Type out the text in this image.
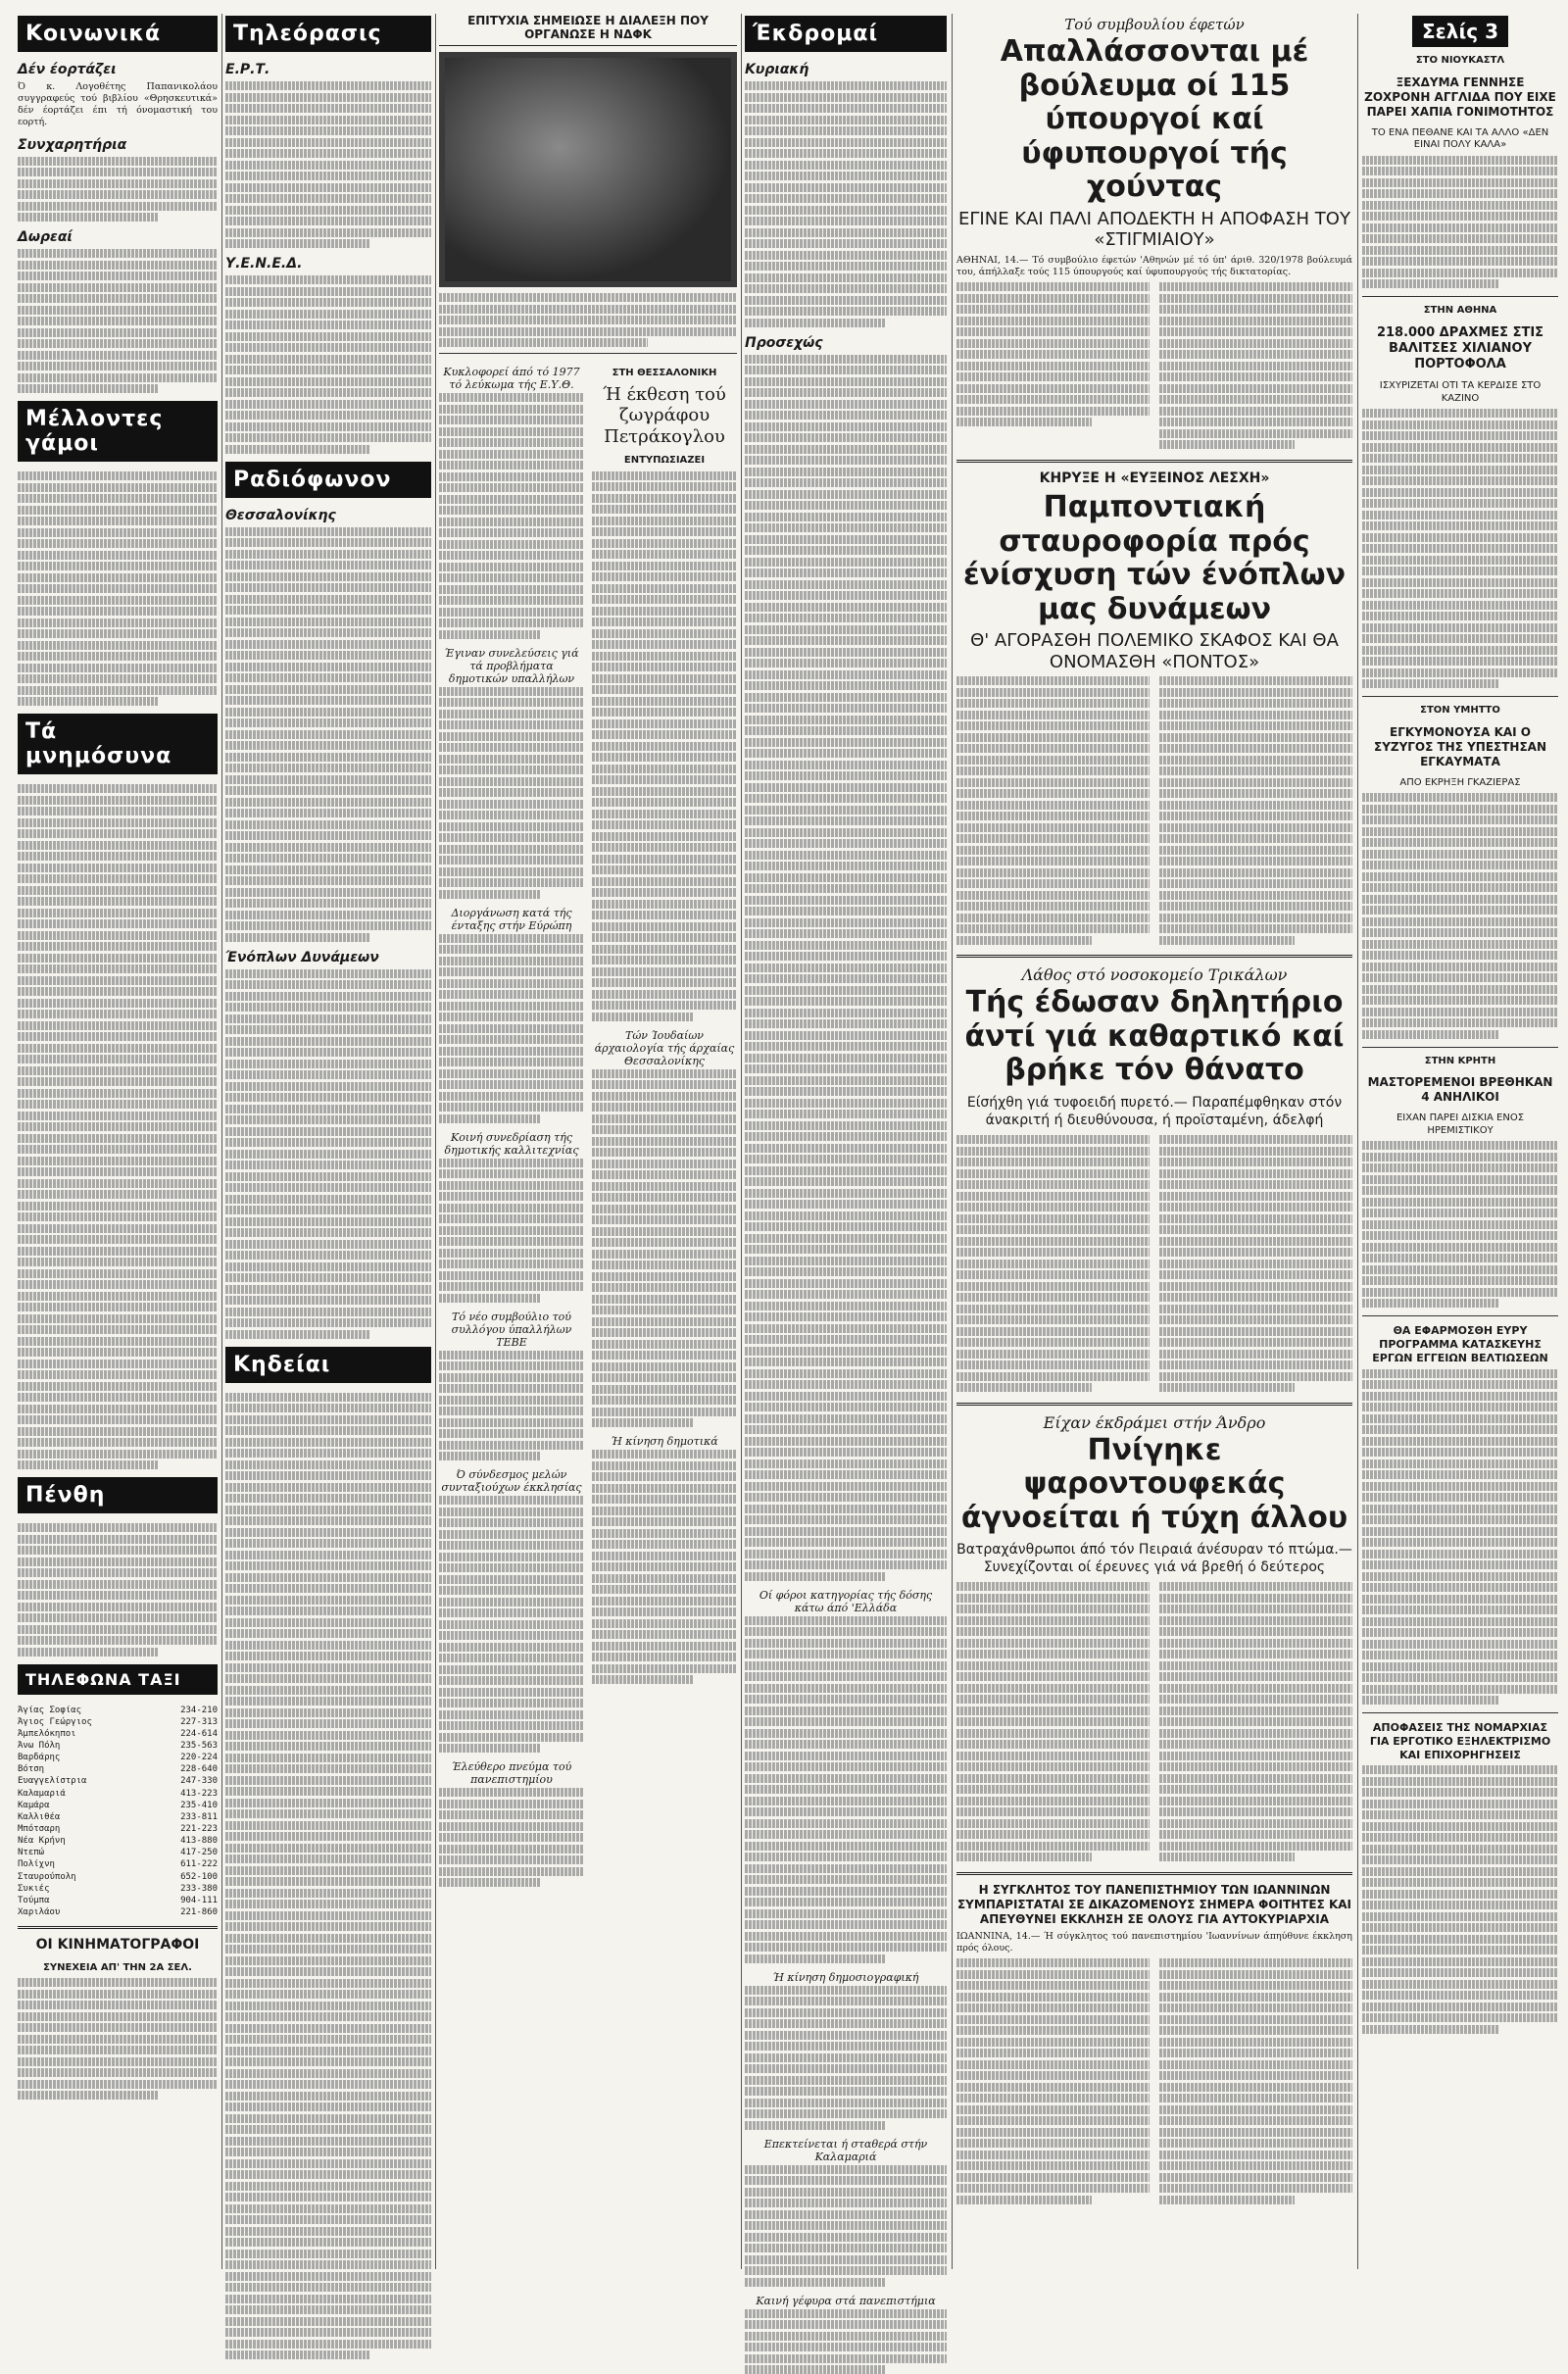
Κοινωνικά
Δέν έορτάζει
Ό κ. Λογοθέτης Παπανικολάου συγγραφεύς τού βιβλίου «Θρησκευτικά» δέν έορτάζει έπι τή όνομαστική του εορτή.
Συνχαρητήρια
Δωρεαί
Μέλλοντες γάμοι
Τά μνημόσυνα
Πένθη
ΤΗΛΕΦΩΝΑ ΤΑΞΙ
Άγίας Σοφίας	234-210
Άγιος Γεώργιος	227-313
Άμπελόκηποι	224-614
Άνω Πόλη	235-563
Βαρδάρης	220-224
Βότση	228-640
Ευαγγελίστρια	247-330
Καλαμαριά	413-223
Καμάρα	235-410
Καλλιθέα	233-811
Μπότσαρη	221-223
Νέα Κρήνη	413-880
Ντεπώ	417-250
Πολίχνη	611-222
Σταυρούπολη	652-100
Συκιές	233-380
Τούμπα	904-111
Χαριλάου	221-860
ΟΙ ΚΙΝΗΜΑΤΟΓΡΑΦΟΙ
ΣΥΝΕΧΕΙΑ ΑΠ' ΤΗΝ 2Α ΣΕΛ.
Τηλεόρασις
Ε.Ρ.Τ.
Υ.Ε.Ν.Ε.Δ.
Ραδιόφωνον
Θεσσαλονίκης
Ένόπλων Δυνάμεων
Κηδείαι
ΕΠΙΤΥΧΙΑ ΣΗΜΕΙΩΣΕ Η ΔΙΑΛΕΞΗ ΠΟΥ ΟΡΓΑΝΩΣΕ Η ΝΔΦΚ
Κυκλοφορεί άπό τό 1977 τό λεύκωμα τής Ε.Υ.Θ.
Έγιναν συνελεύσεις γιά τά προβλήματα δημοτικών υπαλλήλων
Διοργάνωση κατά τής ένταξης στήν Εύρώπη
Κοινή συνεδρίαση τής δημοτικής καλλιτεχνίας
Τό νέο συμβούλιο τού συλλόγου ύπαλλήλων ΤΕΒΕ
Ό σύνδεσμος μελών συνταξιούχων έκκλησίας
Έλεύθερο πνεύμα τού πανεπιστημίου
ΣΤΗ ΘΕΣΣΑΛΟΝΙΚΗ
Ή έκθεση τού ζωγράφου Πετράκογλου
ΕΝΤΥΠΩΣΙΑΖΕΙ
Τών Ίουδαίων άρχαιολογία τής άρχαίας Θεσσαλονίκης
Ή κίνηση δημοτικά
Έκδρομαί
Κυριακή
Προσεχώς
Οί φόροι κατηγορίας τής δόσης κάτω άπό 'Ελλάδα
Ή κίνηση δημοσιογραφική
Επεκτείνεται ή σταθερά στήν Καλαμαριά
Καινή γέφυρα στά πανεπιστήμια
Τού συμβουλίου έφετών
Απαλλάσσονται μέ βούλευμα οί 115 ύπουργοί καί ύφυπουργοί τής χούντας
ΕΓΙΝΕ ΚΑΙ ΠΑΛΙ ΑΠΟΔΕΚΤΗ Η ΑΠΟΦΑΣΗ ΤΟΥ «ΣΤΙΓΜΙΑΙΟΥ»
ΑΘΗΝΑΙ, 14.— Τό συμβούλιο έφετών 'Αθηνών μέ τό ύπ' άριθ. 320/1978 βούλευμά του, άπήλλαξε τούς 115 ύπουργούς καί ύφυπουργούς τής δικτατορίας.
ΚΗΡΥΞΕ Η «ΕΥΞΕΙΝΟΣ ΛΕΣΧΗ»
Παμποντιακή σταυροφορία πρός ένίσχυση τών ένόπλων μας δυνάμεων
Θ' ΑΓΟΡΑΣΘΗ ΠΟΛΕΜΙΚΟ ΣΚΑΦΟΣ ΚΑΙ ΘΑ ΟΝΟΜΑΣΘΗ «ΠΟΝΤΟΣ»
Λάθος στό νοσοκομείο Τρικάλων
Τής έδωσαν δηλητήριο άντί γιά καθαρτικό καί βρήκε τόν θάνατο
Είσήχθη γιά τυφοειδή πυρετό.— Παραπέμφθηκαν στόν άνακριτή ή διευθύνουσα, ή προϊσταμένη, άδελφή
Είχαν έκδράμει στήν Άνδρο
Πνίγηκε ψαροντουφεκάς άγνοείται ή τύχη άλλου
Βατραχάνθρωποι άπό τόν Πειραιά άνέσυραν τό πτώμα.— Συνεχίζονται οί έρευνες γιά νά βρεθή ό δεύτερος
Η ΣΥΓΚΛΗΤΟΣ ΤΟΥ ΠΑΝΕΠΙΣΤΗΜΙΟΥ ΤΩΝ ΙΩΑΝΝΙΝΩΝ ΣΥΜΠΑΡΙΣΤΑΤΑΙ ΣΕ ΔΙΚΑΖΟΜΕΝΟΥΣ ΣΗΜΕΡΑ ΦΟΙΤΗΤΕΣ ΚΑΙ ΑΠΕΥΘΥΝΕΙ ΕΚΚΛΗΣΗ ΣΕ ΟΛΟΥΣ ΓΙΑ ΑΥΤΟΚΥΡΙΑΡΧΙΑ
ΙΩΑΝΝΙΝΑ, 14.— Ή σύγκλητος τού πανεπιστημίου 'Ιωαννίνων άπηύθυνε έκκληση πρός όλους.
Σελίς 3
ΣΤΟ ΝΙΟΥΚΑΣΤΛ
ΞΕΧΔΥΜΑ ΓΕΝΝΗΣΕ ΖΟΧΡΟΝΗ ΑΓΓΛΙΔΑ ΠΟΥ ΕΙΧΕ ΠΑΡΕΙ ΧΑΠΙΑ ΓΟΝΙΜΟΤΗΤΟΣ
ΤΟ ΕΝΑ ΠΕΘΑΝΕ ΚΑΙ ΤΑ ΑΛΛΟ «ΔΕΝ ΕΙΝΑΙ ΠΟΛΥ ΚΑΛΑ»
ΣΤΗΝ ΑΘΗΝΑ
218.000 ΔΡΑΧΜΕΣ ΣΤΙΣ ΒΑΛΙΤΣΕΣ ΧΙΛΙΑΝΟΥ ΠΟΡΤΟΦΟΛΑ
ΙΣΧΥΡΙΖΕΤΑΙ ΟΤΙ ΤΑ ΚΕΡΔΙΣΕ ΣΤΟ ΚΑΖΙΝΟ
ΣΤΟΝ ΥΜΗΤΤΟ
ΕΓΚΥΜΟΝΟΥΣΑ ΚΑΙ Ο ΣΥΖΥΓΟΣ ΤΗΣ ΥΠΕΣΤΗΣΑΝ ΕΓΚΑΥΜΑΤΑ
ΑΠΟ ΕΚΡΗΞΗ ΓΚΑΖΙΕΡΑΣ
ΣΤΗΝ ΚΡΗΤΗ
ΜΑΣΤΟΡΕΜΕΝΟΙ ΒΡΕΘΗΚΑΝ 4 ΑΝΗΛΙΚΟΙ
ΕΙΧΑΝ ΠΑΡΕΙ ΔΙΣΚΙΑ ΕΝΟΣ ΗΡΕΜΙΣΤΙΚΟΥ
ΘΑ ΕΦΑΡΜΟΣΘΗ ΕΥΡΥ ΠΡΟΓΡΑΜΜΑ ΚΑΤΑΣΚΕΥΗΣ ΕΡΓΩΝ ΕΓΓΕΙΩΝ ΒΕΛΤΙΩΣΕΩΝ
ΑΠΟΦΑΣΕΙΣ ΤΗΣ ΝΟΜΑΡΧΙΑΣ ΓΙΑ ΕΡΓΟΤΙΚΟ ΕΞΗΛΕΚΤΡΙΣΜΟ ΚΑΙ ΕΠΙΧΟΡΗΓΗΣΕΙΣ
